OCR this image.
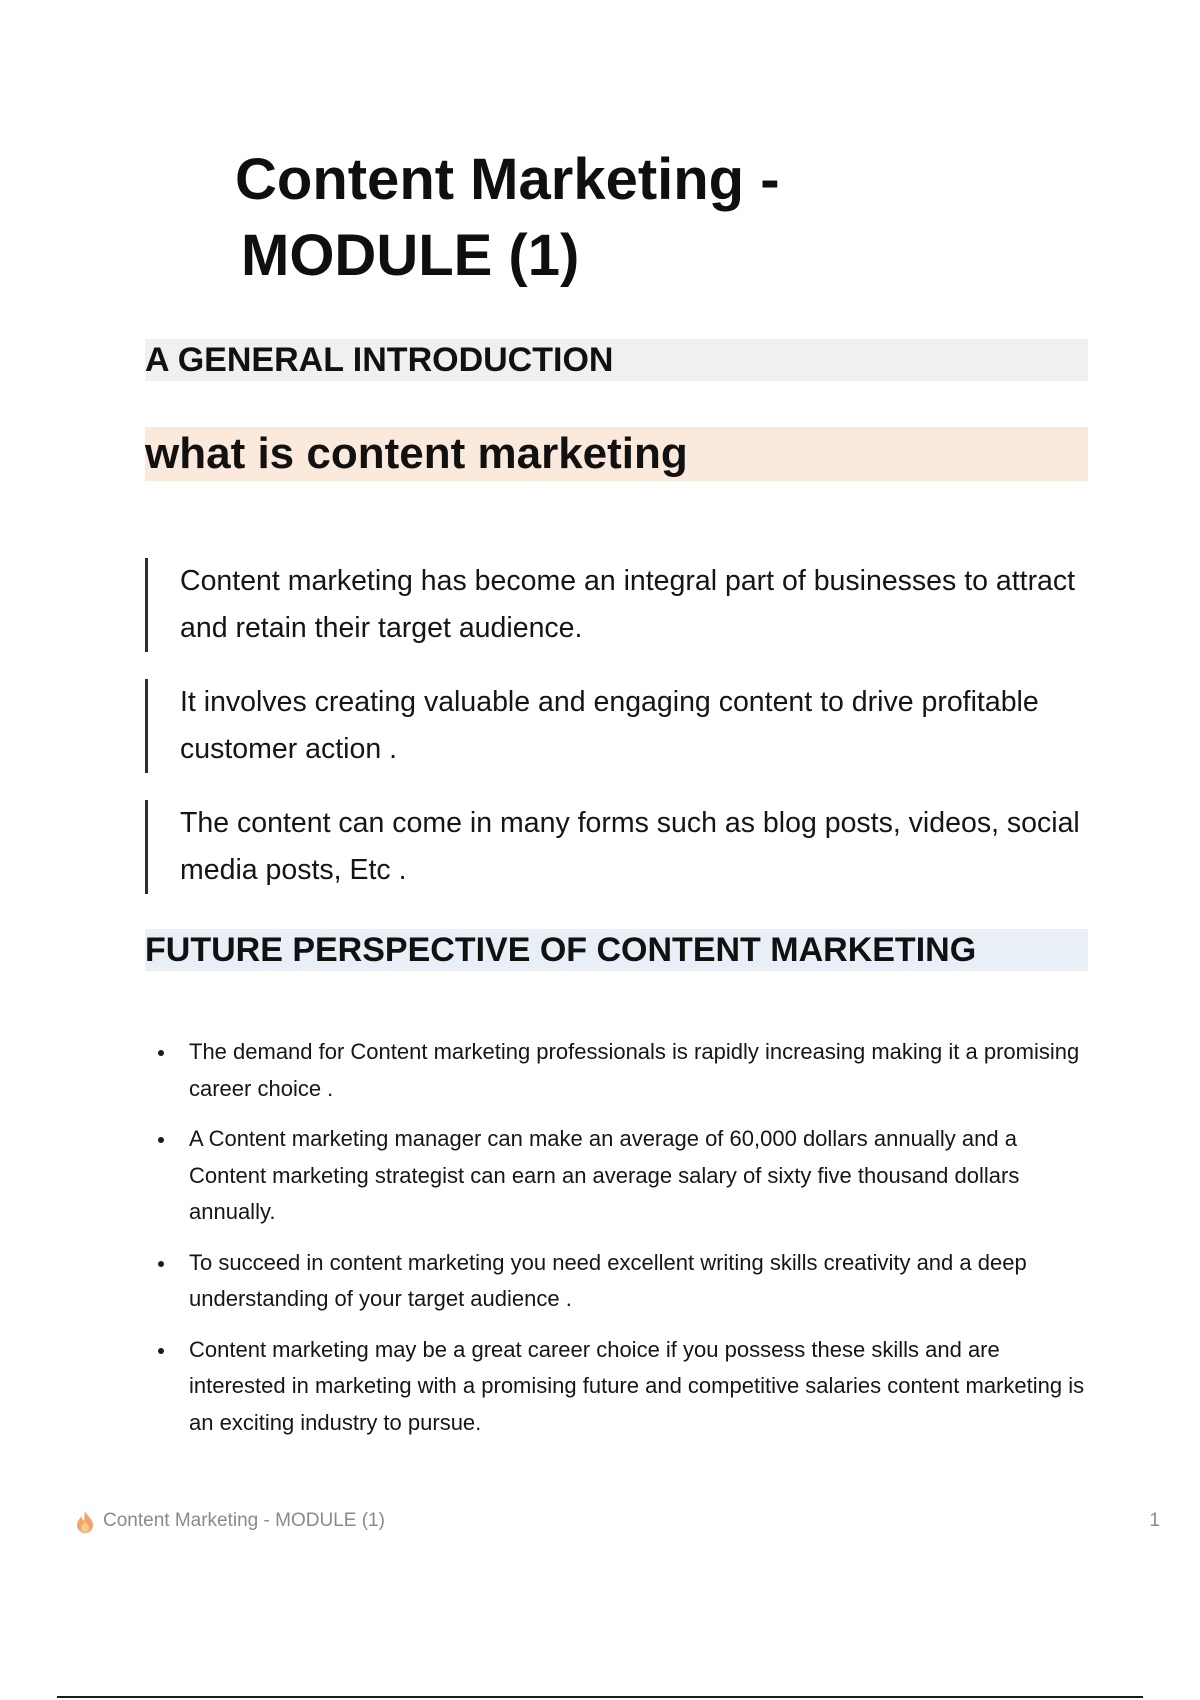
Content Marketing -
MODULE (1)
A GENERAL INTRODUCTION
what is content marketing
Content marketing has become an integral part of businesses to attract and retain their target audience.
It involves creating valuable and engaging content to drive profitable customer action .
The content can come in many forms such as blog posts, videos, social media posts, Etc .
FUTURE PERSPECTIVE OF CONTENT MARKETING
The demand for Content marketing professionals is rapidly increasing making it a promising career choice .
A Content marketing manager can make an average of 60,000 dollars annually and a Content marketing strategist can earn an average salary of sixty five thousand dollars annually.
To succeed in content marketing you need excellent writing skills creativity and a deep understanding of your target audience .
Content marketing may be a great career choice if you possess these skills and are interested in marketing with a promising future and competitive salaries content marketing is an exciting industry to pursue.
Content Marketing - MODULE (1)	1
